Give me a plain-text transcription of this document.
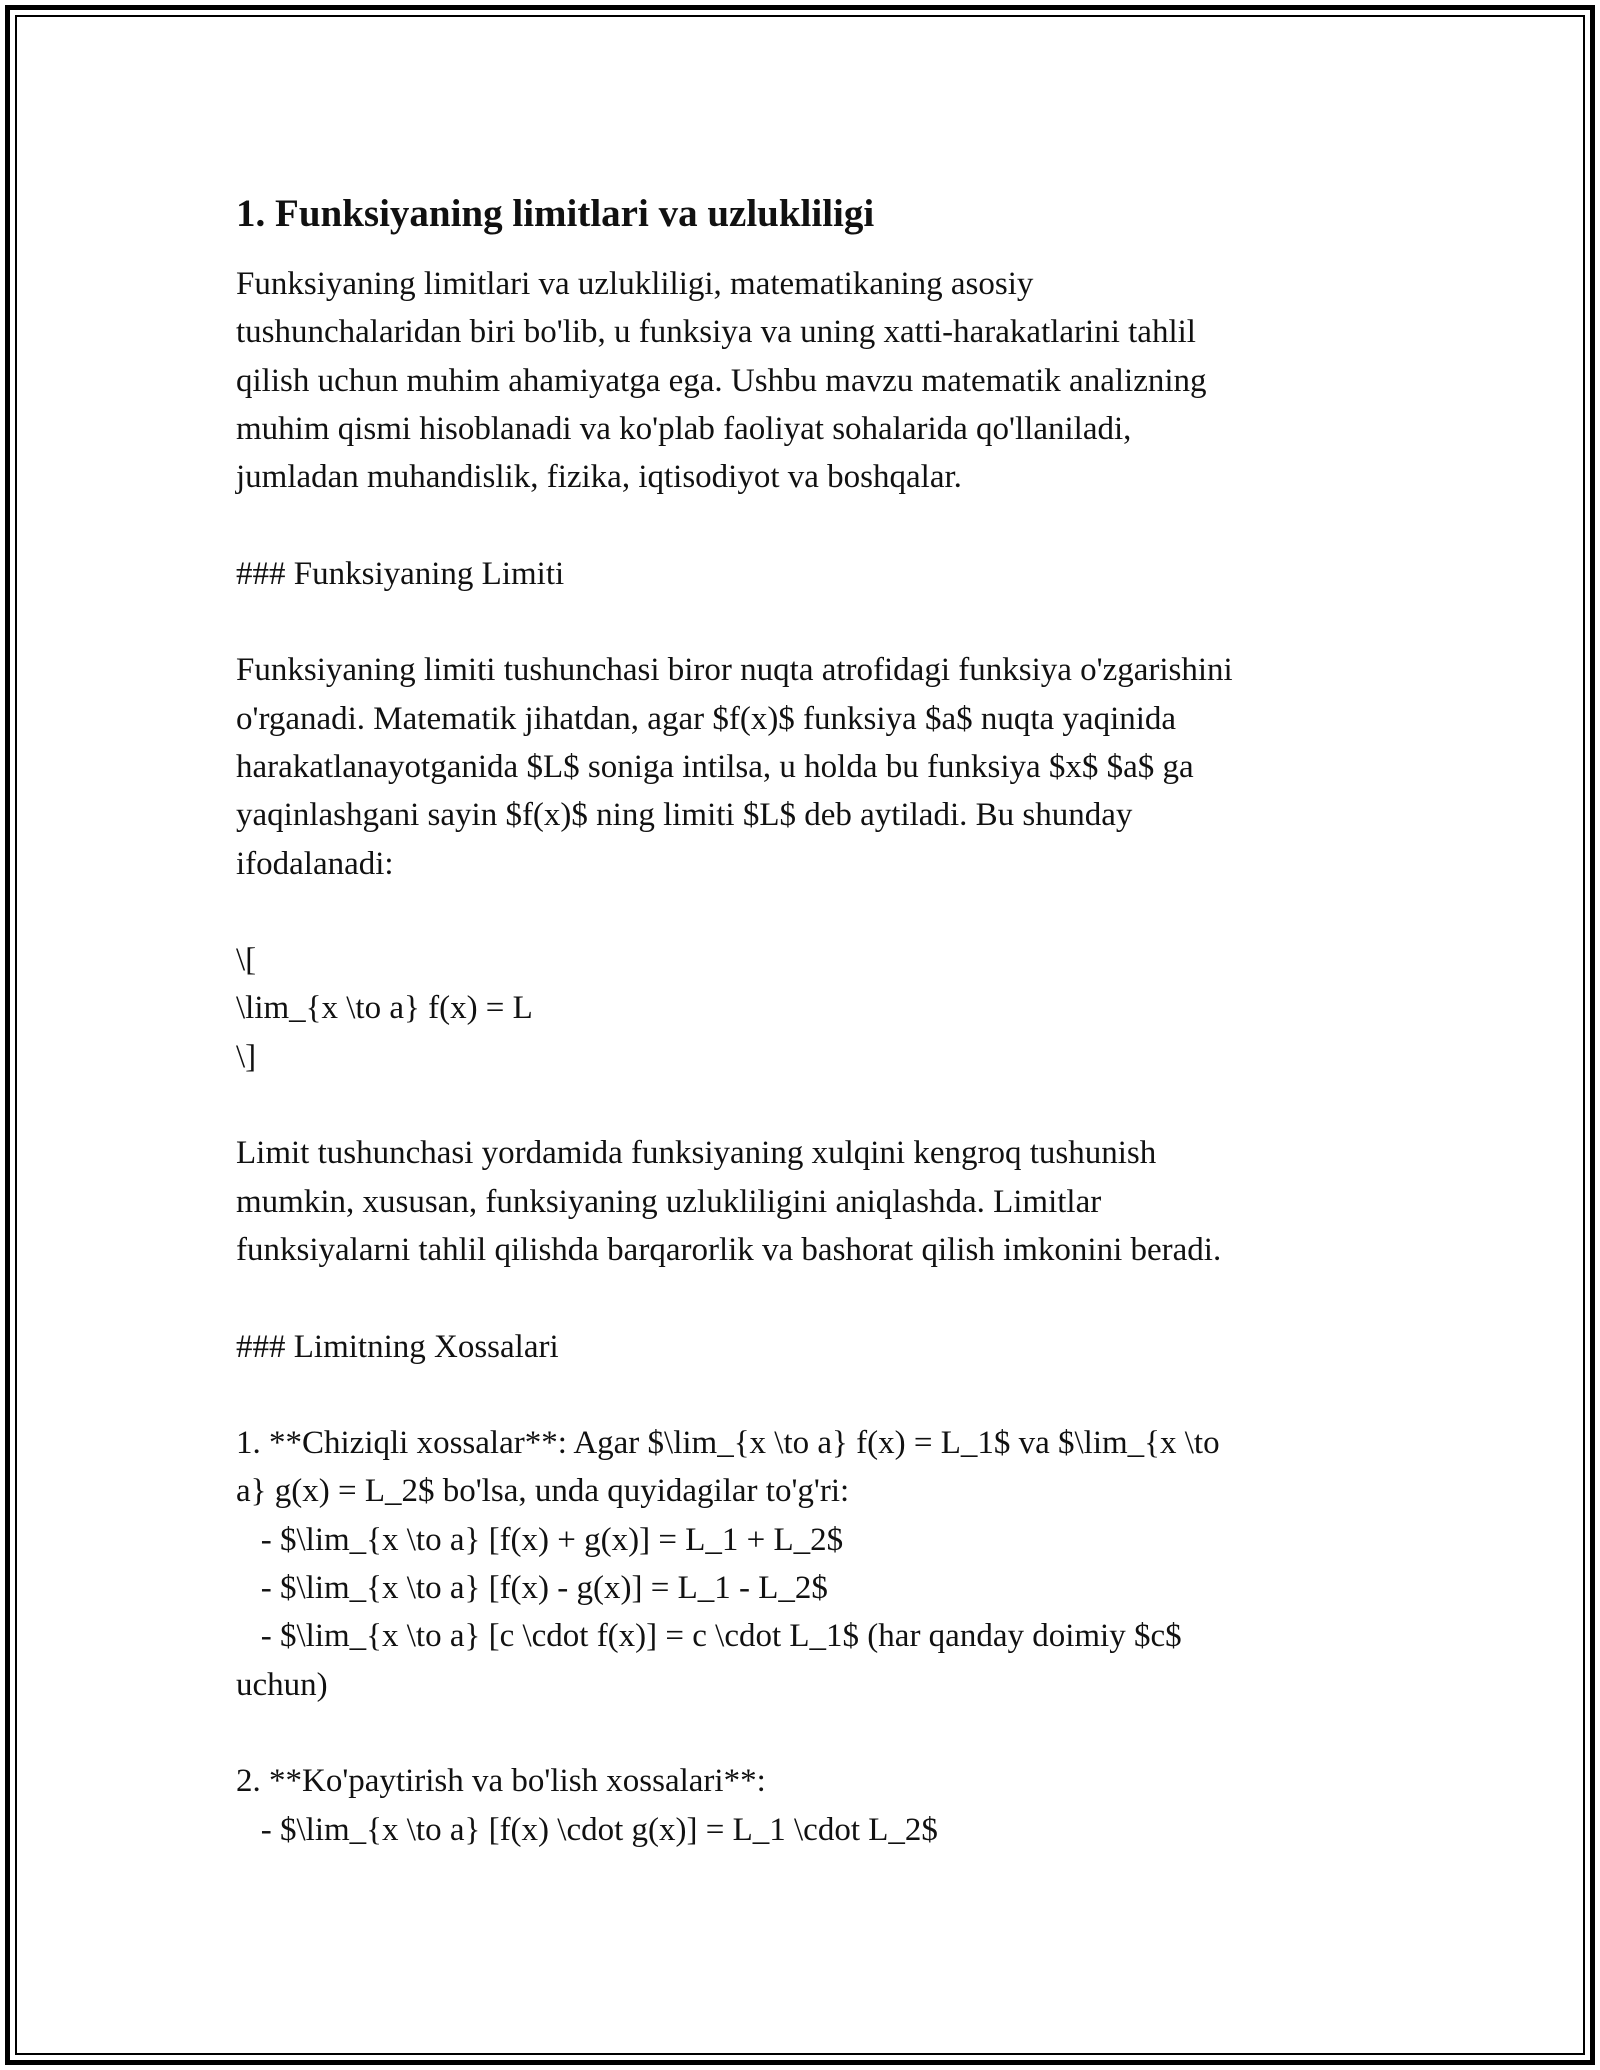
1. Funksiyaning limitlari va uzlukliligi

Funksiyaning limitlari va uzlukliligi, matematikaning asosiy
tushunchalaridan biri bo'lib, u funksiya va uning xatti-harakatlarini tahlil
qilish uchun muhim ahamiyatga ega. Ushbu mavzu matematik analizning
muhim qismi hisoblanadi va ko'plab faoliyat sohalarida qo'llaniladi,
jumladan muhandislik, fizika, iqtisodiyot va boshqalar.

### Funksiyaning Limiti

Funksiyaning limiti tushunchasi biror nuqta atrofidagi funksiya o'zgarishini
o'rganadi. Matematik jihatdan, agar $f(x)$ funksiya $a$ nuqta yaqinida
harakatlanayotganida $L$ soniga intilsa, u holda bu funksiya $x$ $a$ ga
yaqinlashgani sayin $f(x)$ ning limiti $L$ deb aytiladi. Bu shunday
ifodalanadi:

\[

\lim_{x \to a} f(x) = L

\]

Limit tushunchasi yordamida funksiyaning xulqini kengroq tushunish
mumkin, xususan, funksiyaning uzlukliligini aniqlashda. Limitlar
funksiyalarni tahlil qilishda barqarorlik va bashorat qilish imkonini beradi.

### Limitning Xossalari

1. **Chiziqli xossalar**: Agar $\lim_{x \to a} f(x) = L_1$ va $\lim_{x \to
a} g(x) = L_2$ bo'lsa, unda quyidagilar to'g'ri:
- $\lim_{x \to a} [f(x) + g(x)] = L_1 + L_2$
- $\lim_{x \to a} [f(x) - g(x)] = L_1 - L_2$
- $\lim_{x \to a} [c \cdot f(x)] = c \cdot L_1$ (har qanday doimiy $c$
uchun)

2. **Ko'paytirish va bo'lish xossalari**:
- $\lim_{x \to a} [f(x) \cdot g(x)] = L_1 \cdot L_2$
